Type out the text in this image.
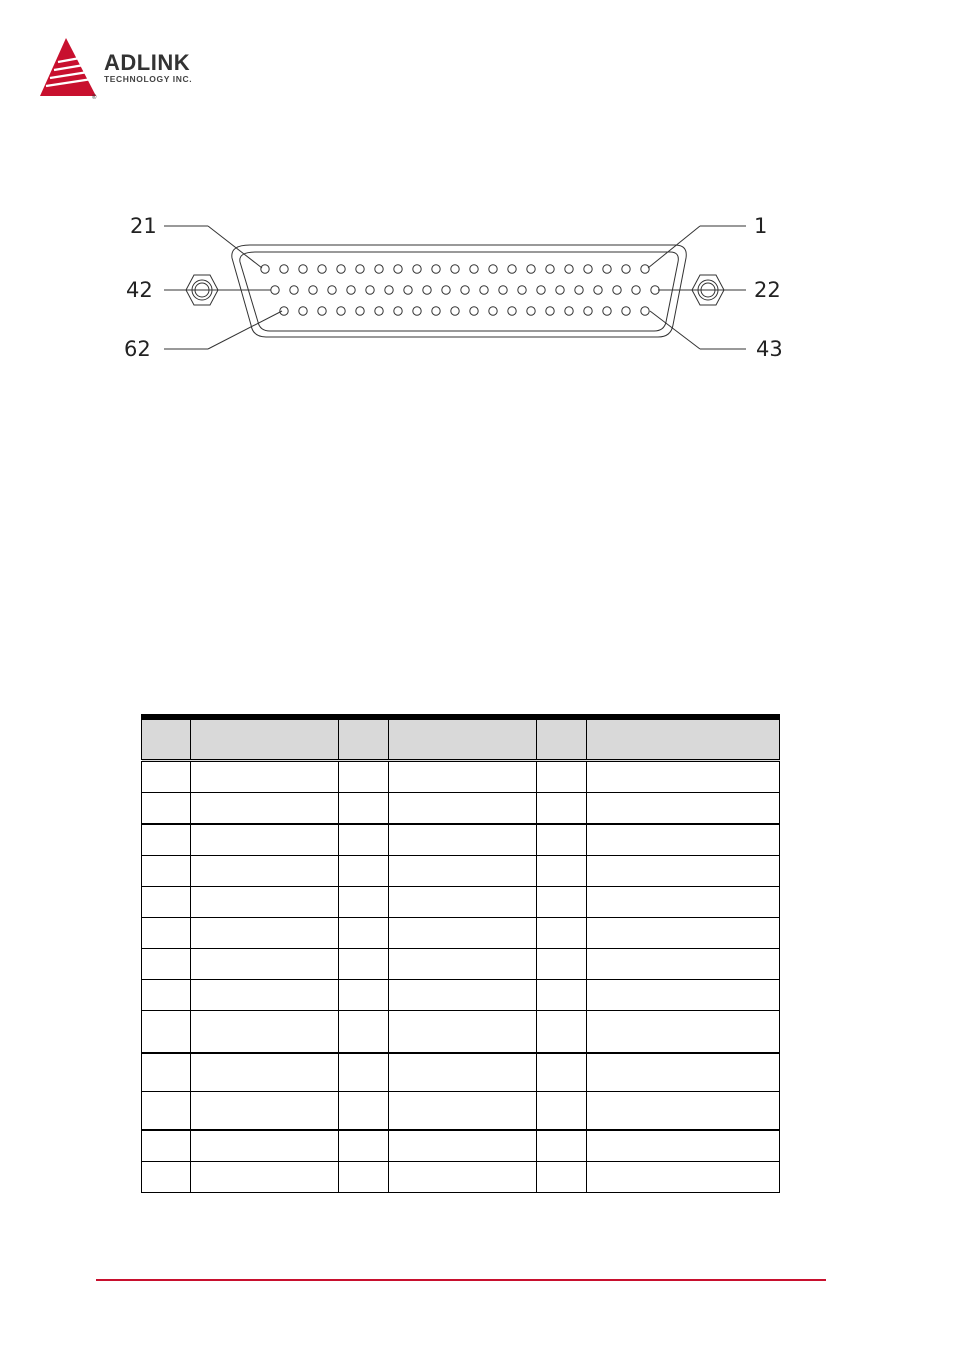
®
ADLINK
TECHNOLOGY INC.
21
42
62
1
22
43
